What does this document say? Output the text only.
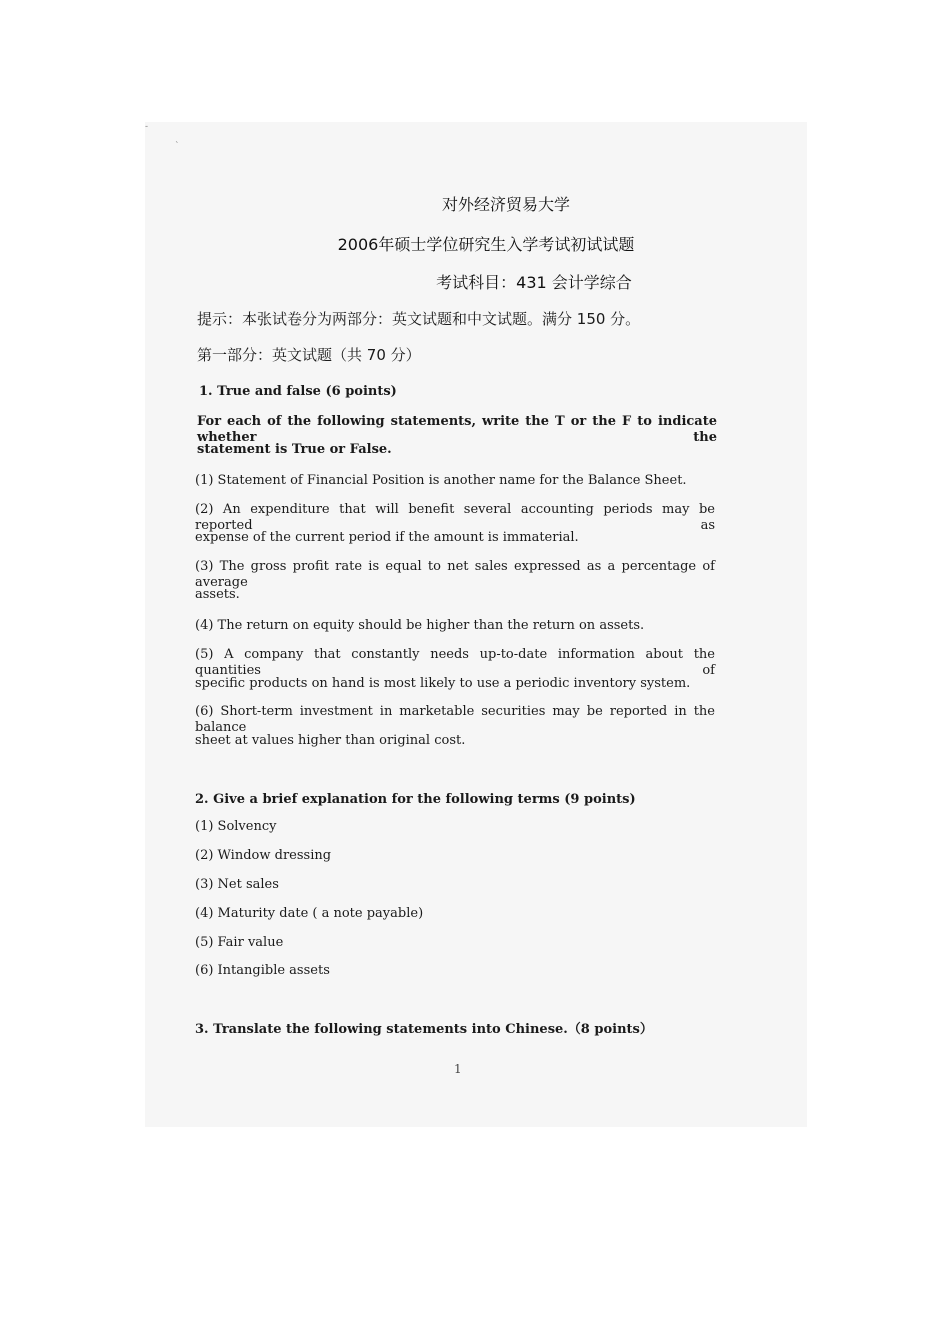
-
`
对外经济贸易大学
2006年硕士学位研究生入学考试初试试题
考试科目：431 会计学综合
提示：本张试卷分为两部分：英文试题和中文试题。满分 150 分。
第一部分：英文试题（共 70 分）
1. True and false (6 points)
For each of the following statements, write the T or the F to indicate whether the
statement is True or False.
(1) Statement of Financial Position is another name for the Balance Sheet.
(2) An expenditure that will benefit several accounting periods may be reported as
expense of the current period if the amount is immaterial.
(3) The gross profit rate is equal to net sales expressed as a percentage of average
assets.
(4) The return on equity should be higher than the return on assets.
(5) A company that constantly needs up-to-date information about the quantities of
specific products on hand is most likely to use a periodic inventory system.
(6) Short-term investment in marketable securities may be reported in the balance
sheet at values higher than original cost.
2. Give a brief explanation for the following terms (9 points)
(1) Solvency
(2) Window dressing
(3) Net sales
(4) Maturity date ( a note payable)
(5) Fair value
(6) Intangible assets
3. Translate the following statements into Chinese.（8 points）
1
